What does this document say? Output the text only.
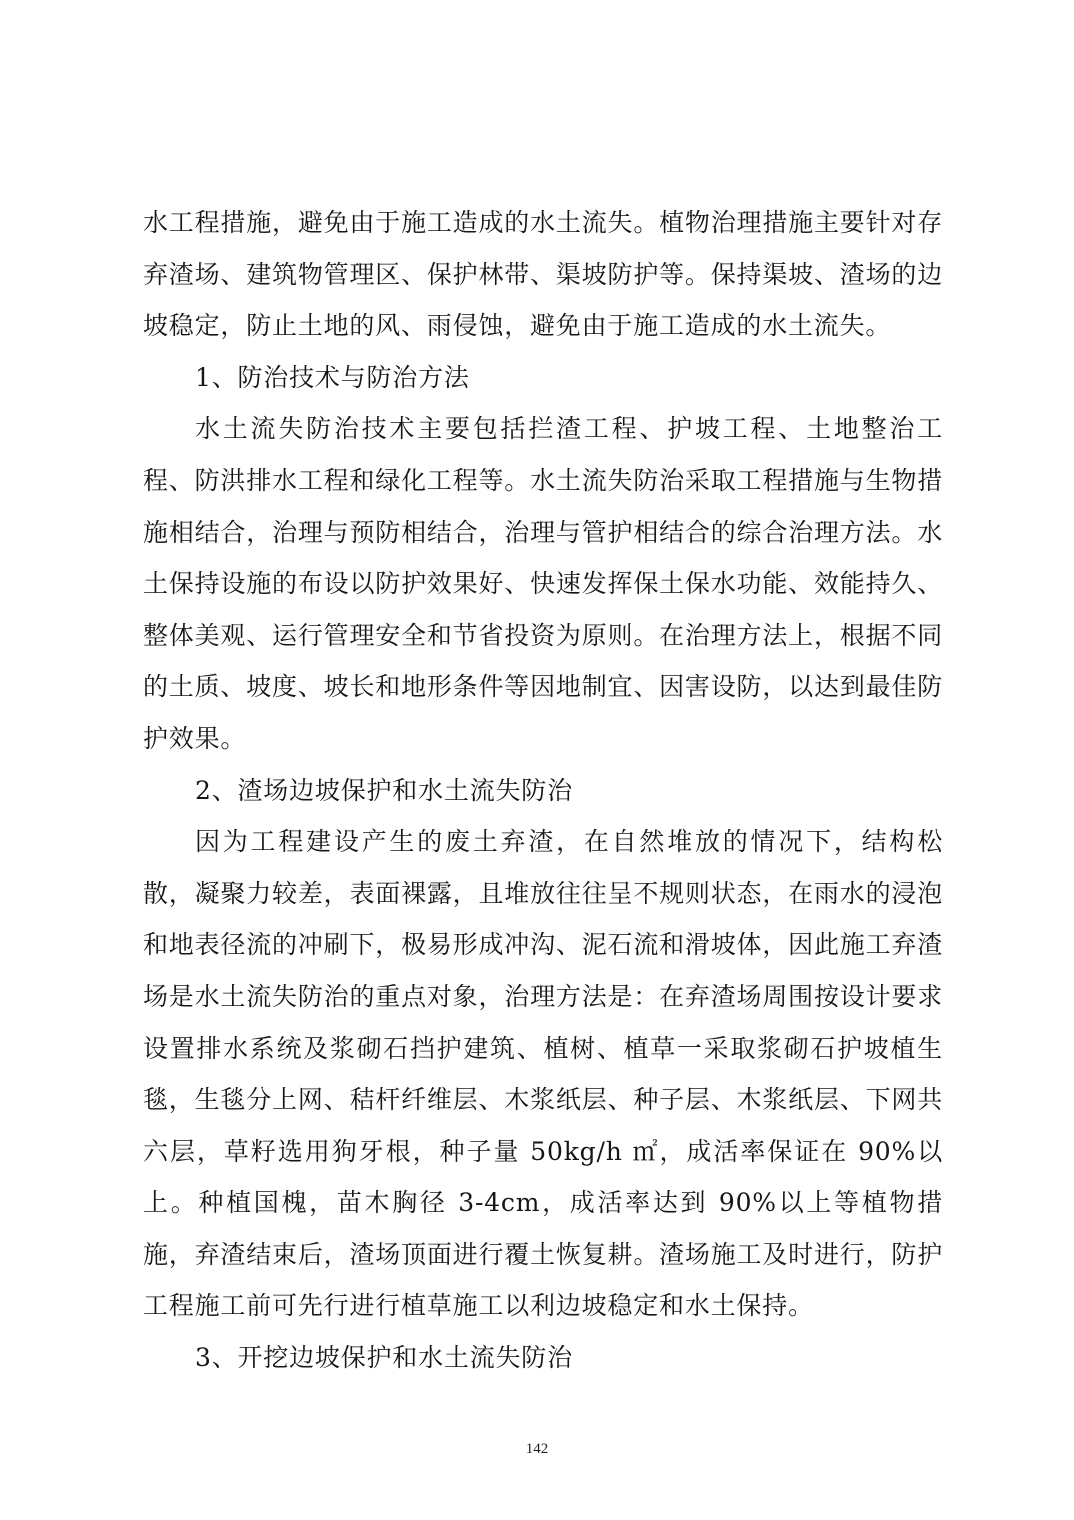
水工程措施，避免由于施工造成的水土流失。植物治理措施主要针对存弃渣场、建筑物管理区、保护林带、渠坡防护等。保持渠坡、渣场的边坡稳定，防止土地的风、雨侵蚀，避免由于施工造成的水土流失。

1、防治技术与防治方法

水土流失防治技术主要包括拦渣工程、护坡工程、土地整治工程、防洪排水工程和绿化工程等。水土流失防治采取工程措施与生物措施相结合，治理与预防相结合，治理与管护相结合的综合治理方法。水土保持设施的布设以防护效果好、快速发挥保土保水功能、效能持久、整体美观、运行管理安全和节省投资为原则。在治理方法上，根据不同的土质、坡度、坡长和地形条件等因地制宜、因害设防，以达到最佳防护效果。

2、渣场边坡保护和水土流失防治

因为工程建设产生的废土弃渣，在自然堆放的情况下，结构松散，凝聚力较差，表面裸露，且堆放往往呈不规则状态，在雨水的浸泡和地表径流的冲刷下，极易形成冲沟、泥石流和滑坡体，因此施工弃渣场是水土流失防治的重点对象，治理方法是：在弃渣场周围按设计要求设置排水系统及浆砌石挡护建筑、植树、植草一采取浆砌石护坡植生毯，生毯分上网、秸杆纤维层、木浆纸层、种子层、木浆纸层、下网共六层，草籽选用狗牙根，种子量 50kg/h ㎡，成活率保证在 90%以上。种植国槐，苗木胸径 3-4cm，成活率达到 90%以上等植物措施，弃渣结束后，渣场顶面进行覆土恢复耕。渣场施工及时进行，防护工程施工前可先行进行植草施工以利边坡稳定和水土保持。

3、开挖边坡保护和水土流失防治

142
